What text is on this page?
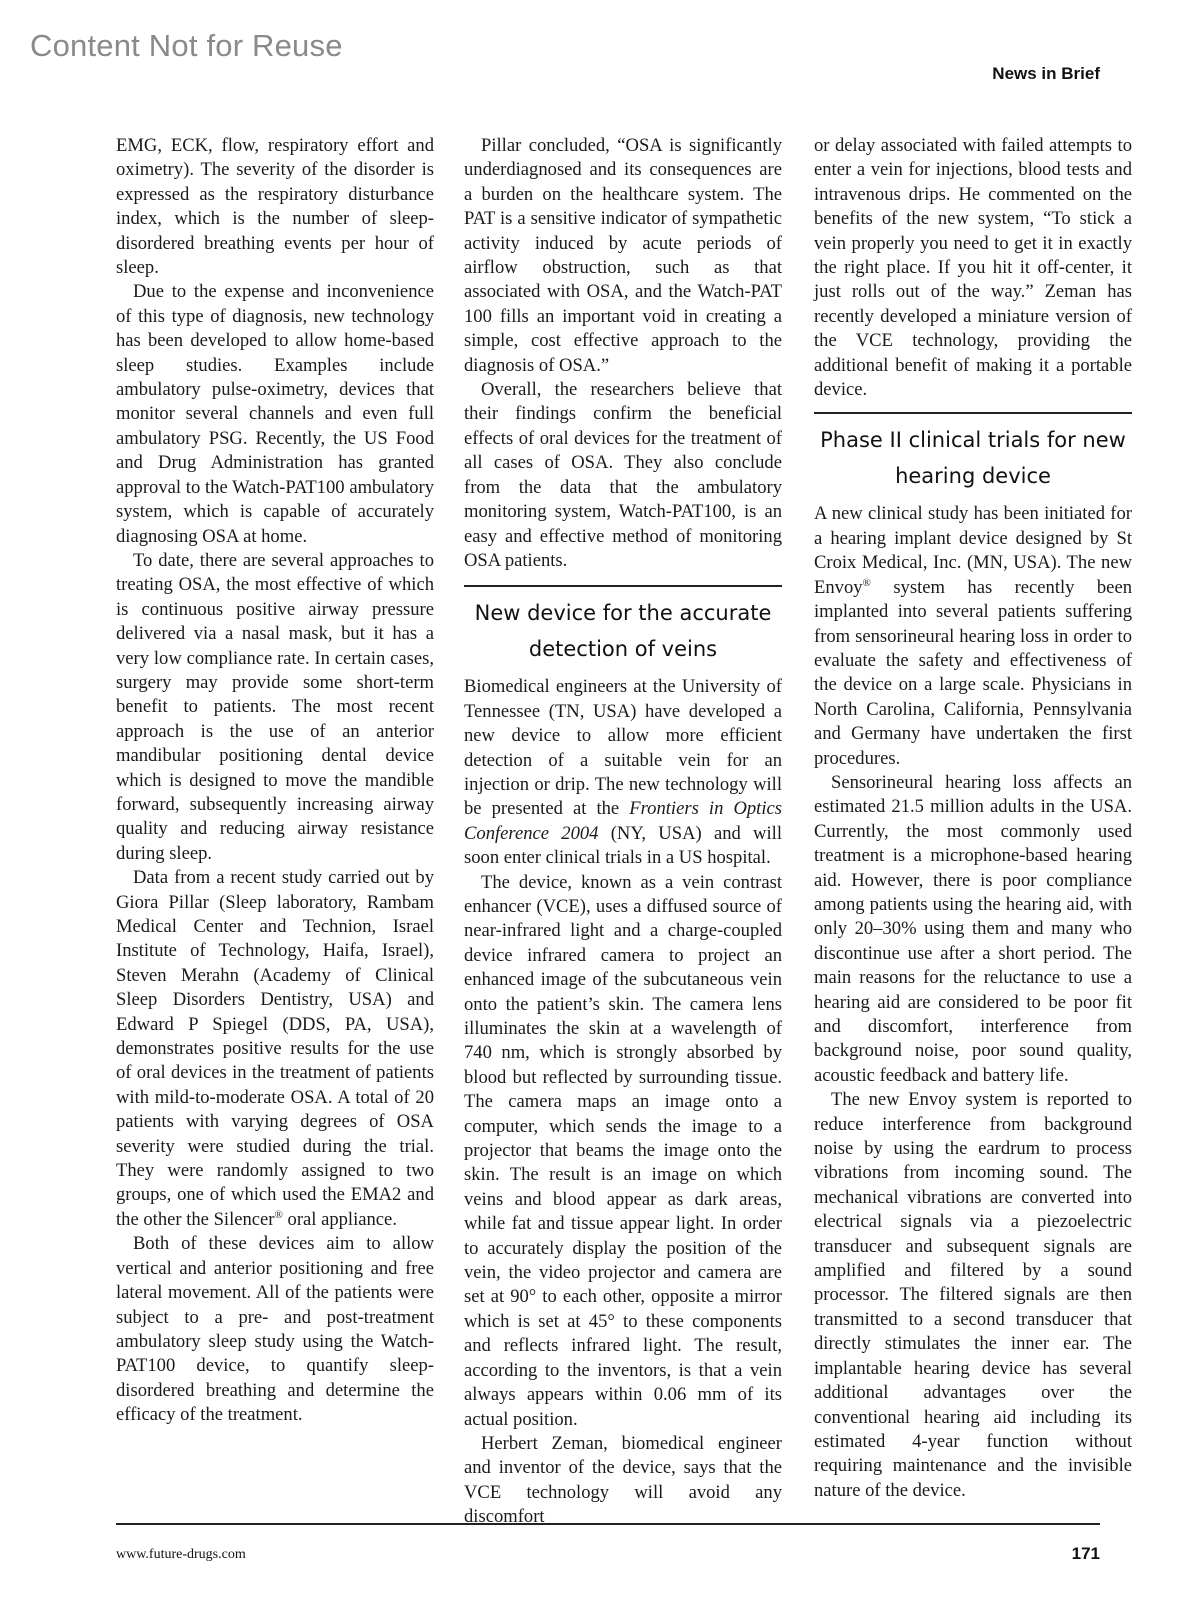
Content Not for Reuse
News in Brief

EMG, ECK, flow, respiratory effort and oximetry). The severity of the disorder is expressed as the respiratory disturbance index, which is the number of sleep-disordered breathing events per hour of sleep.

Due to the expense and inconvenience of this type of diagnosis, new technology has been developed to allow home-based sleep studies. Examples include ambulatory pulse-oximetry, devices that monitor several channels and even full ambulatory PSG. Recently, the US Food and Drug Administration has granted approval to the Watch-PAT100 ambulatory system, which is capable of accurately diagnosing OSA at home.

To date, there are several approaches to treating OSA, the most effective of which is continuous positive airway pressure delivered via a nasal mask, but it has a very low compliance rate. In certain cases, surgery may provide some short-term benefit to patients. The most recent approach is the use of an anterior mandibular positioning dental device which is designed to move the mandible forward, subsequently increasing airway quality and reducing airway resistance during sleep.

Data from a recent study carried out by Giora Pillar (Sleep laboratory, Rambam Medical Center and Technion, Israel Institute of Technology, Haifa, Israel), Steven Merahn (Academy of Clinical Sleep Disorders Dentistry, USA) and Edward P Spiegel (DDS, PA, USA), demonstrates positive results for the use of oral devices in the treatment of patients with mild-to-moderate OSA. A total of 20 patients with varying degrees of OSA severity were studied during the trial. They were randomly assigned to two groups, one of which used the EMA2 and the other the Silencer® oral appliance.

Both of these devices aim to allow vertical and anterior positioning and free lateral movement. All of the patients were subject to a pre- and post-treatment ambulatory sleep study using the Watch-PAT100 device, to quantify sleep-disordered breathing and determine the efficacy of the treatment.

Pillar concluded, “OSA is significantly underdiagnosed and its consequences are a burden on the healthcare system. The PAT is a sensitive indicator of sympathetic activity induced by acute periods of airflow obstruction, such as that associated with OSA, and the Watch-PAT 100 fills an important void in creating a simple, cost effective approach to the diagnosis of OSA.”

Overall, the researchers believe that their findings confirm the beneficial effects of oral devices for the treatment of all cases of OSA. They also conclude from the data that the ambulatory monitoring system, Watch-PAT100, is an easy and effective method of monitoring OSA patients.

New device for the accurate detection of veins

Biomedical engineers at the University of Tennessee (TN, USA) have developed a new device to allow more efficient detection of a suitable vein for an injection or drip. The new technology will be presented at the Frontiers in Optics Conference 2004 (NY, USA) and will soon enter clinical trials in a US hospital.

The device, known as a vein contrast enhancer (VCE), uses a diffused source of near-infrared light and a charge-coupled device infrared camera to project an enhanced image of the subcutaneous vein onto the patient’s skin. The camera lens illuminates the skin at a wavelength of 740 nm, which is strongly absorbed by blood but reflected by surrounding tissue. The camera maps an image onto a computer, which sends the image to a projector that beams the image onto the skin. The result is an image on which veins and blood appear as dark areas, while fat and tissue appear light. In order to accurately display the position of the vein, the video projector and camera are set at 90° to each other, opposite a mirror which is set at 45° to these components and reflects infrared light. The result, according to the inventors, is that a vein always appears within 0.06 mm of its actual position.

Herbert Zeman, biomedical engineer and inventor of the device, says that the VCE technology will avoid any discomfort

or delay associated with failed attempts to enter a vein for injections, blood tests and intravenous drips. He commented on the benefits of the new system, “To stick a vein properly you need to get it in exactly the right place. If you hit it off-center, it just rolls out of the way.” Zeman has recently developed a miniature version of the VCE technology, providing the additional benefit of making it a portable device.

Phase II clinical trials for new hearing device

A new clinical study has been initiated for a hearing implant device designed by St Croix Medical, Inc. (MN, USA). The new Envoy® system has recently been implanted into several patients suffering from sensorineural hearing loss in order to evaluate the safety and effectiveness of the device on a large scale. Physicians in North Carolina, California, Pennsylvania and Germany have undertaken the first procedures.

Sensorineural hearing loss affects an estimated 21.5 million adults in the USA. Currently, the most commonly used treatment is a microphone-based hearing aid. However, there is poor compliance among patients using the hearing aid, with only 20–30% using them and many who discontinue use after a short period. The main reasons for the reluctance to use a hearing aid are considered to be poor fit and discomfort, interference from background noise, poor sound quality, acoustic feedback and battery life.

The new Envoy system is reported to reduce interference from background noise by using the eardrum to process vibrations from incoming sound. The mechanical vibrations are converted into electrical signals via a piezoelectric transducer and subsequent signals are amplified and filtered by a sound processor. The filtered signals are then transmitted to a second transducer that directly stimulates the inner ear. The implantable hearing device has several additional advantages over the conventional hearing aid including its estimated 4-year function without requiring maintenance and the invisible nature of the device.

www.future-drugs.com	171
